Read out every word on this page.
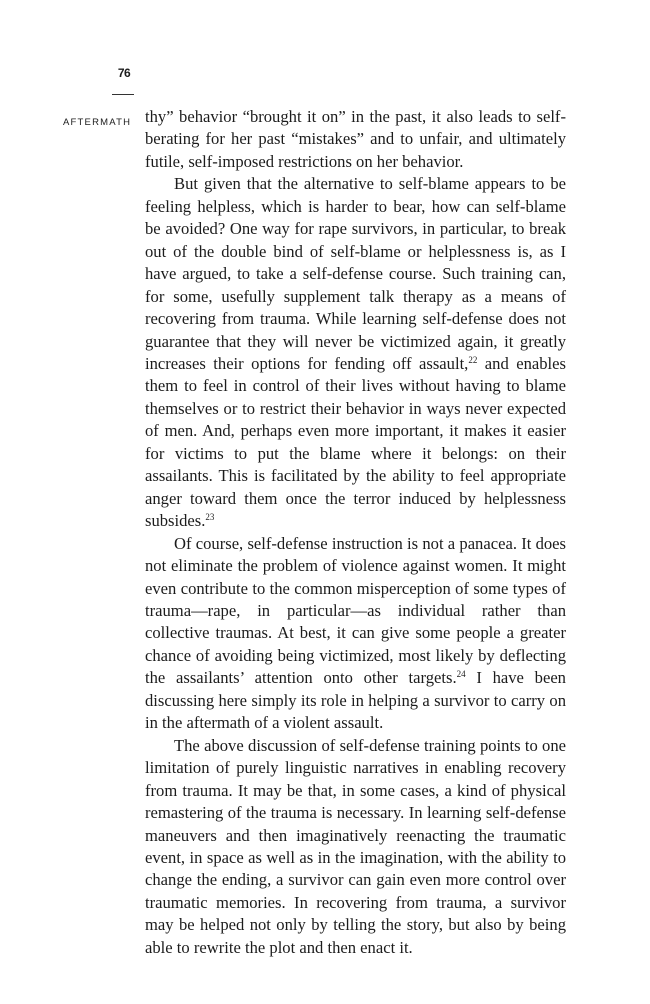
76
AFTERMATH thy” behavior “brought it on” in the past, it also leads to self-berating for her past “mistakes” and to unfair, and ultimately futile, self-imposed restrictions on her behavior.

But given that the alternative to self-blame appears to be feeling helpless, which is harder to bear, how can self-blame be avoided? One way for rape survivors, in particular, to break out of the double bind of self-blame or helplessness is, as I have argued, to take a self-defense course. Such training can, for some, usefully supplement talk therapy as a means of recovering from trauma. While learning self-defense does not guarantee that they will never be victimized again, it greatly increases their options for fending off assault,$^{22}$ and enables them to feel in control of their lives without having to blame themselves or to restrict their behavior in ways never expected of men. And, perhaps even more important, it makes it easier for victims to put the blame where it belongs: on their assailants. This is facilitated by the ability to feel appropriate anger toward them once the terror induced by helplessness subsides.$^{23}$

Of course, self-defense instruction is not a panacea. It does not eliminate the problem of violence against women. It might even contribute to the common misperception of some types of trauma—rape, in particular—as individual rather than collective traumas. At best, it can give some people a greater chance of avoiding being victimized, most likely by deflecting the assailants’ attention onto other targets.$^{24}$ I have been discussing here simply its role in helping a survivor to carry on in the aftermath of a violent assault.

The above discussion of self-defense training points to one limitation of purely linguistic narratives in enabling recovery from trauma. It may be that, in some cases, a kind of physical remastering of the trauma is necessary. In learning self-defense maneuvers and then imaginatively reenacting the traumatic event, in space as well as in the imagination, with the ability to change the ending, a survivor can gain even more control over traumatic memories. In recovering from trauma, a survivor may be helped not only by telling the story, but also by being able to rewrite the plot and then enact it.
